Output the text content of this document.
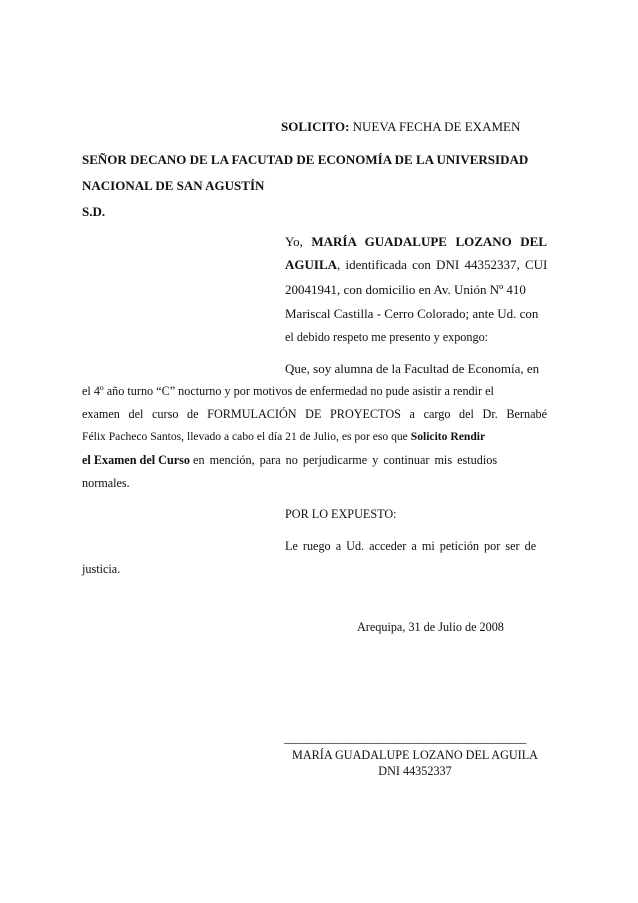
SOLICITO: NUEVA FECHA DE EXAMEN
SEÑOR DECANO DE LA FACUTAD DE ECONOMÍA DE LA UNIVERSIDAD
NACIONAL DE SAN AGUSTÍN
S.D.
Yo, MARÍA GUADALUPE LOZANO DEL
AGUILA, identificada con DNI 44352337, CUI
20041941, con domicilio en Av. Unión Nº 410
Mariscal Castilla - Cerro Colorado; ante Ud. con
el debido respeto me presento y expongo:
Que, soy alumna de la Facultad de Economía, en
el 4º año turno “C” nocturno y por motivos de enfermedad no pude asistir a rendir el
examen del curso de FORMULACIÓN DE PROYECTOS a cargo del Dr. Bernabé
Félix Pacheco Santos, llevado a cabo el día 21 de Julio, es por eso que Solicito Rendir
el Examen del Curso en mención, para no perjudicarme y continuar mis estudios
normales.
POR LO EXPUESTO:
Le ruego a Ud. acceder a mi petición por ser de
justicia.
Arequipa, 31 de Julio de 2008
____________________________________________
MARÍA GUADALUPE LOZANO DEL AGUILA
DNI 44352337
